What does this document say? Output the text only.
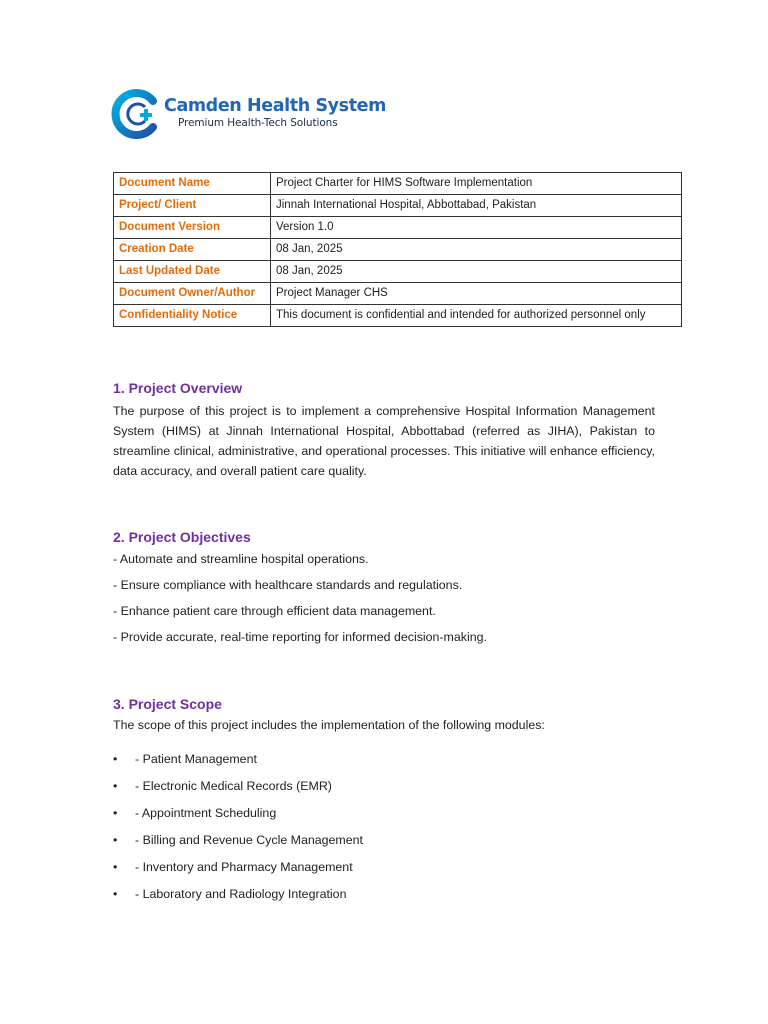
Camden Health System
Premium Health-Tech Solutions
Document Name	Project Charter for HIMS Software Implementation
Project/ Client	Jinnah International Hospital, Abbottabad, Pakistan
Document Version	Version 1.0
Creation Date	08 Jan, 2025
Last Updated Date	08 Jan, 2025
Document Owner/Author	Project Manager CHS
Confidentiality Notice	This document is confidential and intended for authorized personnel only
1. Project Overview

The purpose of this project is to implement a comprehensive Hospital Information Management System (HIMS) at Jinnah International Hospital, Abbottabad (referred as JIHA), Pakistan to streamline clinical, administrative, and operational processes. This initiative will enhance efficiency, data accuracy, and overall patient care quality.

2. Project Objectives

- Automate and streamline hospital operations.

- Ensure compliance with healthcare standards and regulations.

- Enhance patient care through efficient data management.

- Provide accurate, real-time reporting for informed decision-making.

3. Project Scope

The scope of this project includes the implementation of the following modules:

• - Patient Management
• - Electronic Medical Records (EMR)
• - Appointment Scheduling
• - Billing and Revenue Cycle Management
• - Inventory and Pharmacy Management
• - Laboratory and Radiology Integration
